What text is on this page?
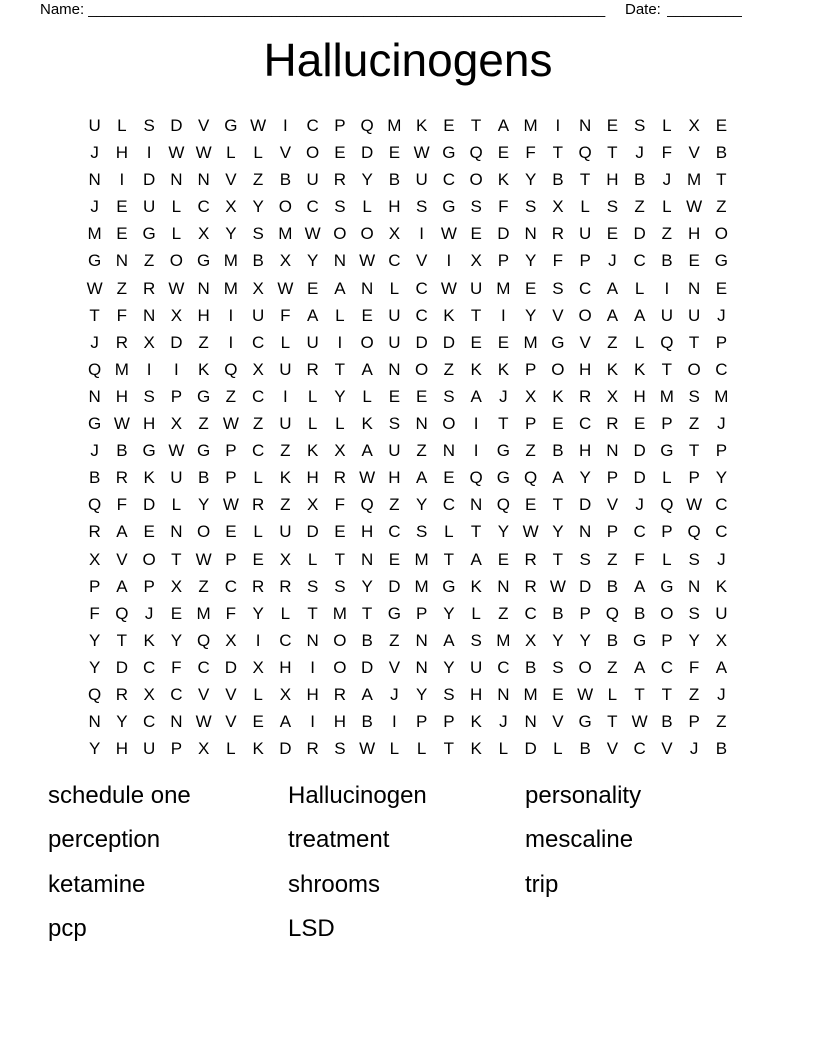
Name: ______________________________________________________________ Date: _________
Hallucinogens
U L S D V G W I	C P Q M K E T A M	I	N E S L X E
J H	I W W L	L V O E D E W G Q E F T Q T	J	F V B
N	I	D N N V Z B U R Y B U C O K Y B T H B	J M T
J	E U L C X Y O C S L H S G S F S X L S Z	L W Z
M E G L X Y S M W O O X	I W E D N R U E D Z H O
G N Z O G M B X Y N W C V	I	X P Y F P	J C B E G
W Z R W N M X W E A N L C W U M E S C A L	I	N E
T F N X H	I	U F A L E U C K T	I	Y V O A A U U J
J R X D Z	I	C L U	I	O U D D E E M G V Z	L Q T P
Q M	I	I	K Q X U R T A N O Z K K P O H K K T O C
N H S P G Z C	I	L Y L E E S A	J	X K R X H M S M
G W H X Z W Z U L	L K S N O	I	T P E C R E P Z	J
J	B G W G P C Z K X A U Z N	I	G Z B H N D G T P
B R K U B P L K H R W H A E Q G Q A Y P D L P Y
Q F D L Y W R Z X F Q Z Y C N Q E T D V	J Q W C
R A E N O E L U D E H C S L	T Y W Y N P C P Q C
X V O T W P E X L	T N E M T A E R T S Z F	L S	J
P A P X Z C R R S S Y D M G K N R W D B A G N K
F Q J	E M F Y L	T M T G P Y L	Z C B P Q B O S U
Y T K Y Q X	I	C N O B Z N A S M X Y Y B G P Y X
Y D C F C D X H	I	O D V N Y U C B S O Z A C F A
Q R X C V V L X H R A	J	Y S H N M E W L	T T Z	J
N Y C N W V E A	I	H B	I	P P K	J N V G T W B P Z
Y H U P X L K D R S W L	L	T K L D L B V C V	J	B
schedule one
perception
ketamine
pcp
Hallucinogen
treatment
shrooms
LSD
personality
mescaline
trip
